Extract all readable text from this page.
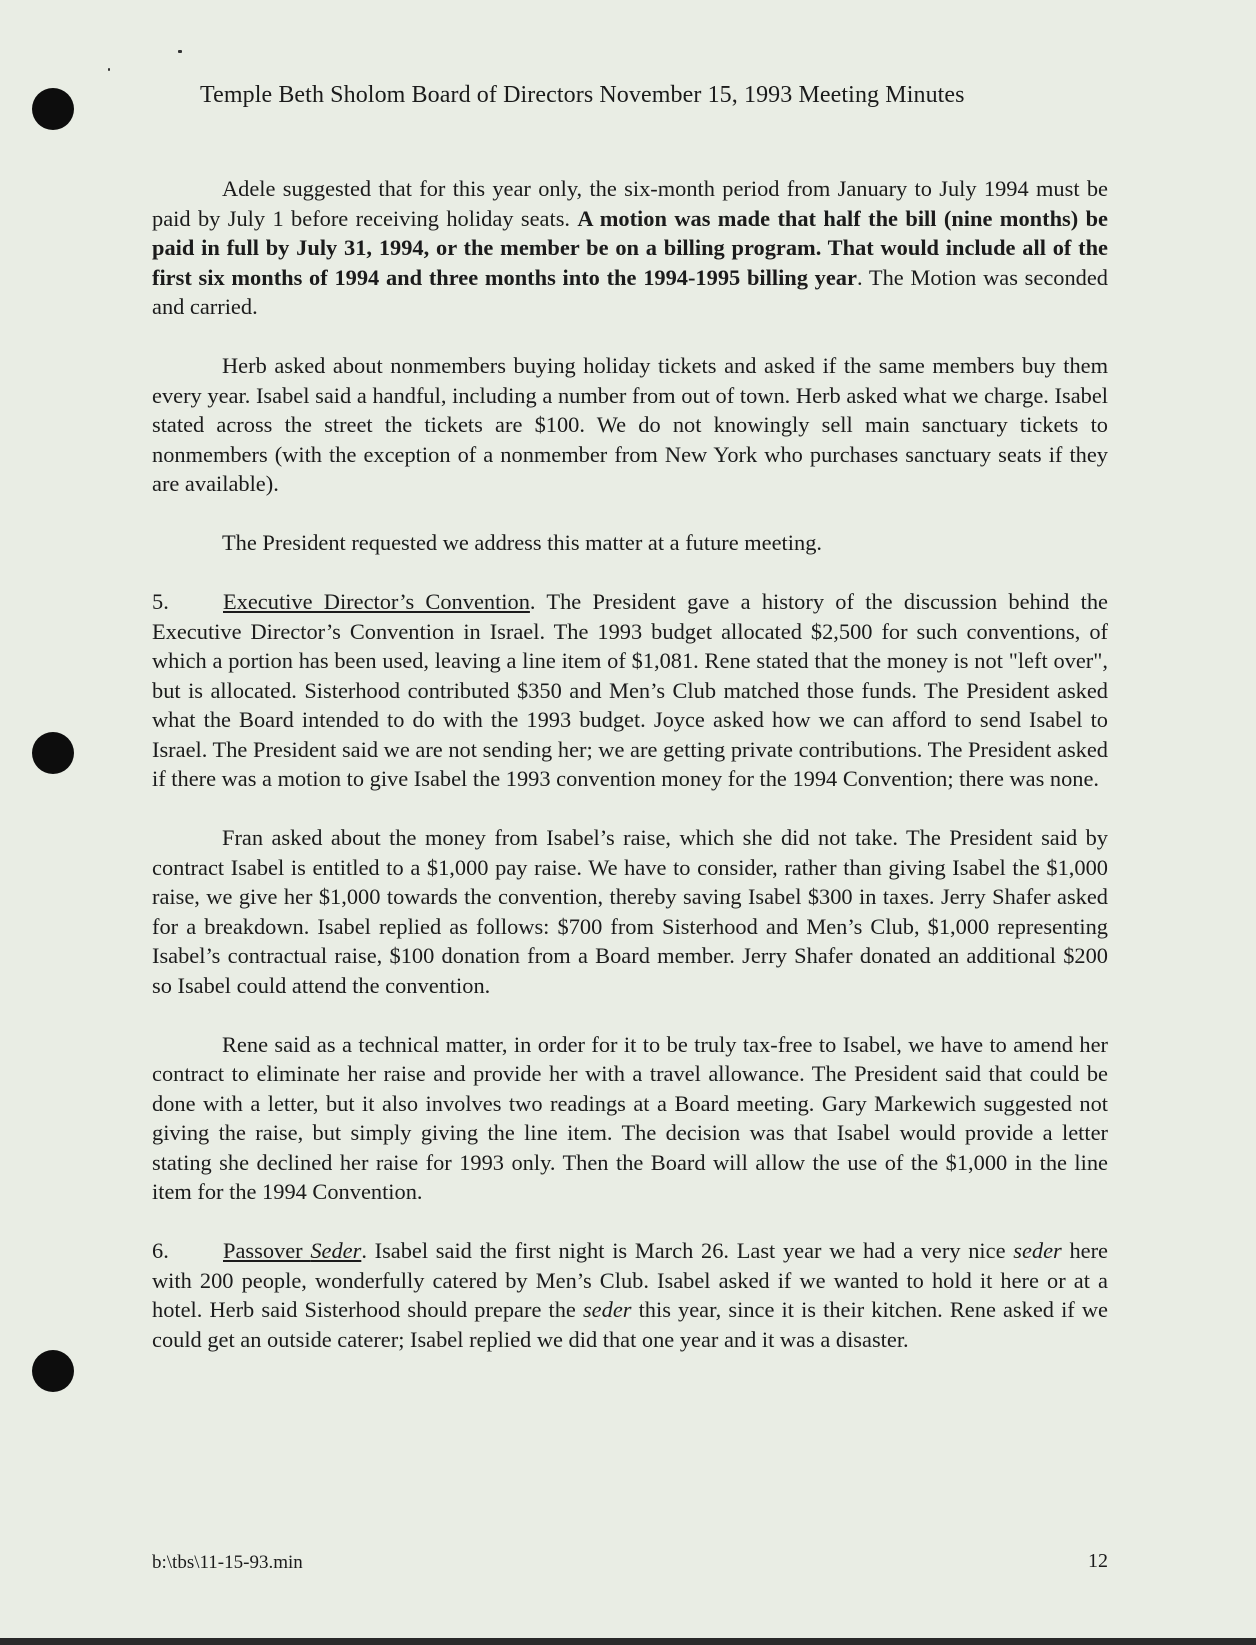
Temple Beth Sholom Board of Directors November 15, 1993 Meeting Minutes

Adele suggested that for this year only, the six-month period from January to July 1994 must be paid by July 1 before receiving holiday seats. A motion was made that half the bill (nine months) be paid in full by July 31, 1994, or the member be on a billing program. That would include all of the first six months of 1994 and three months into the 1994-1995 billing year. The Motion was seconded and carried.

Herb asked about nonmembers buying holiday tickets and asked if the same members buy them every year. Isabel said a handful, including a number from out of town. Herb asked what we charge. Isabel stated across the street the tickets are $100. We do not knowingly sell main sanctuary tickets to nonmembers (with the exception of a nonmember from New York who purchases sanctuary seats if they are available).

The President requested we address this matter at a future meeting.

5. Executive Director’s Convention. The President gave a history of the discussion behind the Executive Director’s Convention in Israel. The 1993 budget allocated $2,500 for such conventions, of which a portion has been used, leaving a line item of $1,081. Rene stated that the money is not "left over", but is allocated. Sisterhood contributed $350 and Men’s Club matched those funds. The President asked what the Board intended to do with the 1993 budget. Joyce asked how we can afford to send Isabel to Israel. The President said we are not sending her; we are getting private contributions. The President asked if there was a motion to give Isabel the 1993 convention money for the 1994 Convention; there was none.

Fran asked about the money from Isabel’s raise, which she did not take. The President said by contract Isabel is entitled to a $1,000 pay raise. We have to consider, rather than giving Isabel the $1,000 raise, we give her $1,000 towards the convention, thereby saving Isabel $300 in taxes. Jerry Shafer asked for a breakdown. Isabel replied as follows: $700 from Sisterhood and Men’s Club, $1,000 representing Isabel’s contractual raise, $100 donation from a Board member. Jerry Shafer donated an additional $200 so Isabel could attend the convention.

Rene said as a technical matter, in order for it to be truly tax-free to Isabel, we have to amend her contract to eliminate her raise and provide her with a travel allowance. The President said that could be done with a letter, but it also involves two readings at a Board meeting. Gary Markewich suggested not giving the raise, but simply giving the line item. The decision was that Isabel would provide a letter stating she declined her raise for 1993 only. Then the Board will allow the use of the $1,000 in the line item for the 1994 Convention.

6. Passover Seder. Isabel said the first night is March 26. Last year we had a very nice seder here with 200 people, wonderfully catered by Men’s Club. Isabel asked if we wanted to hold it here or at a hotel. Herb said Sisterhood should prepare the seder this year, since it is their kitchen. Rene asked if we could get an outside caterer; Isabel replied we did that one year and it was a disaster.

b:\tbs\11-15-93.min	12
